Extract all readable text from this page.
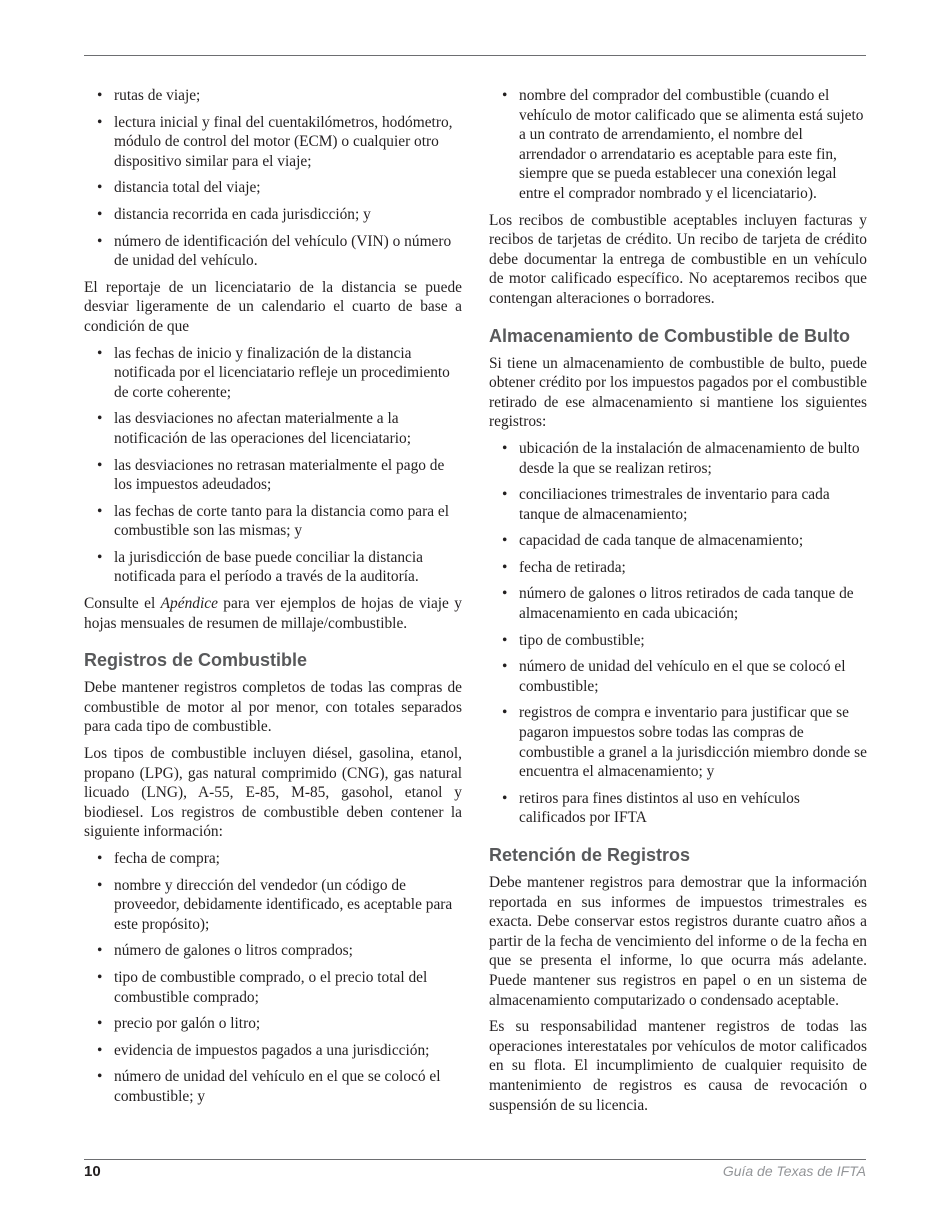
• rutas de viaje;
• lectura inicial y final del cuentakilómetros, hodómetro, módulo de control del motor (ECM) o cualquier otro dispositivo similar para el viaje;
• distancia total del viaje;
• distancia recorrida en cada jurisdicción; y
• número de identificación del vehículo (VIN) o número de unidad del vehículo.

El reportaje de un licenciatario de la distancia se puede desviar ligeramente de un calendario el cuarto de base a condición de que

• las fechas de inicio y finalización de la distancia notificada por el licenciatario refleje un procedimiento de corte coherente;
• las desviaciones no afectan materialmente a la notificación de las operaciones del licenciatario;
• las desviaciones no retrasan materialmente el pago de los impuestos adeudados;
• las fechas de corte tanto para la distancia como para el combustible son las mismas; y
• la jurisdicción de base puede conciliar la distancia notificada para el período a través de la auditoría.

Consulte el Apéndice para ver ejemplos de hojas de viaje y hojas mensuales de resumen de millaje/combustible.

Registros de Combustible

Debe mantener registros completos de todas las compras de combustible de motor al por menor, con totales separados para cada tipo de combustible.

Los tipos de combustible incluyen diésel, gasolina, etanol, propano (LPG), gas natural comprimido (CNG), gas natural licuado (LNG), A-55, E-85, M-85, gasohol, etanol y biodiesel. Los registros de combustible deben contener la siguiente información:

• fecha de compra;
• nombre y dirección del vendedor (un código de proveedor, debidamente identificado, es aceptable para este propósito);
• número de galones o litros comprados;
• tipo de combustible comprado, o el precio total del combustible comprado;
• precio por galón o litro;
• evidencia de impuestos pagados a una jurisdicción;
• número de unidad del vehículo en el que se colocó el combustible; y
• nombre del comprador del combustible (cuando el vehículo de motor calificado que se alimenta está sujeto a un contrato de arrendamiento, el nombre del arrendador o arrendatario es aceptable para este fin, siempre que se pueda establecer una conexión legal entre el comprador nombrado y el licenciatario).

Los recibos de combustible aceptables incluyen facturas y recibos de tarjetas de crédito. Un recibo de tarjeta de crédito debe documentar la entrega de combustible en un vehículo de motor calificado específico. No aceptaremos recibos que contengan alteraciones o borradores.

Almacenamiento de Combustible de Bulto

Si tiene un almacenamiento de combustible de bulto, puede obtener crédito por los impuestos pagados por el combustible retirado de ese almacenamiento si mantiene los siguientes registros:

• ubicación de la instalación de almacenamiento de bulto desde la que se realizan retiros;
• conciliaciones trimestrales de inventario para cada tanque de almacenamiento;
• capacidad de cada tanque de almacenamiento;
• fecha de retirada;
• número de galones o litros retirados de cada tanque de almacenamiento en cada ubicación;
• tipo de combustible;
• número de unidad del vehículo en el que se colocó el combustible;
• registros de compra e inventario para justificar que se pagaron impuestos sobre todas las compras de combustible a granel a la jurisdicción miembro donde se encuentra el almacenamiento; y
• retiros para fines distintos al uso en vehículos calificados por IFTA
Retención de Registros

Debe mantener registros para demostrar que la información reportada en sus informes de impuestos trimestrales es exacta. Debe conservar estos registros durante cuatro años a partir de la fecha de vencimiento del informe o de la fecha en que se presenta el informe, lo que ocurra más adelante. Puede mantener sus registros en papel o en un sistema de almacenamiento computarizado o condensado aceptable.

Es su responsabilidad mantener registros de todas las operaciones interestatales por vehículos de motor calificados en su flota. El incumplimiento de cualquier requisito de mantenimiento de registros es causa de revocación o suspensión de su licencia.

10	Guía de Texas de IFTA
